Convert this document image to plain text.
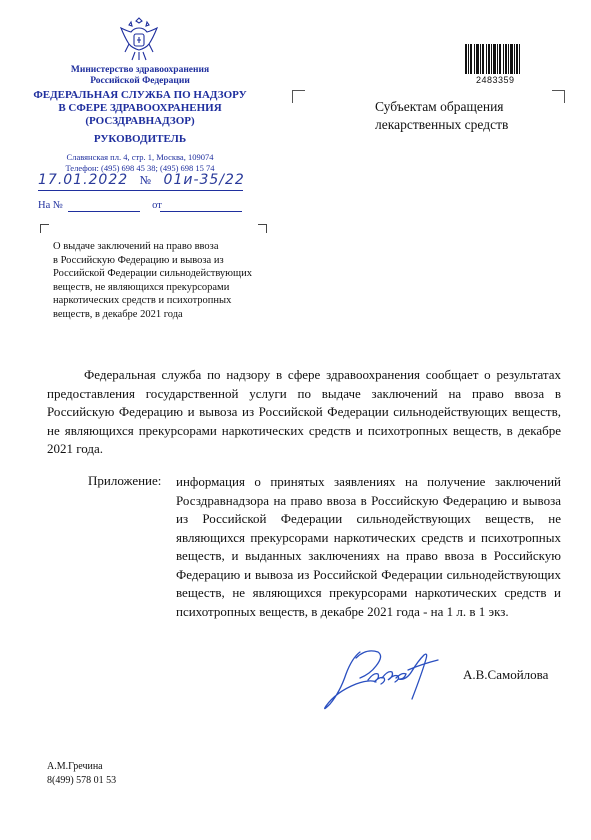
Министерство здравоохранения
Российской Федерации
ФЕДЕРАЛЬНАЯ СЛУЖБА ПО НАДЗОРУ
В СФЕРЕ ЗДРАВООХРАНЕНИЯ
(РОСЗДРАВНАДЗОР)
РУКОВОДИТЕЛЬ
Славянская пл. 4, стр. 1, Москва, 109074
Телефон: (495) 698 45 38; (495) 698 15 74
17.01.2022 № 01и-35/22
На №	от
О выдаче заключений на право ввоза
в Российскую Федерацию и вывоза из
Российской Федерации сильнодействующих
веществ, не являющихся прекурсорами
наркотических средств и психотропных
веществ, в декабре 2021 года
2483359
Субъектам обращения
лекарственных средств

Федеральная служба по надзору в сфере здравоохранения сообщает о результатах предоставления государственной услуги по выдаче заключений на право ввоза в Российскую Федерацию и вывоза из Российской Федерации сильнодействующих веществ, не являющихся прекурсорами наркотических средств и психотропных веществ, в декабре 2021 года.

Приложение: информация о принятых заявлениях на получение заключений Росздравнадзора на право ввоза в Российскую Федерацию и вывоза из Российской Федерации сильнодействующих веществ, не являющихся прекурсорами наркотических средств и психотропных веществ, и выданных заключениях на право ввоза в Российскую Федерацию и вывоза из Российской Федерации сильнодействующих веществ, не являющихся прекурсорами наркотических средств и психотропных веществ, в декабре 2021 года - на 1 л. в 1 экз.
А.В.Самойлова
А.М.Гречина
8(499) 578 01 53
